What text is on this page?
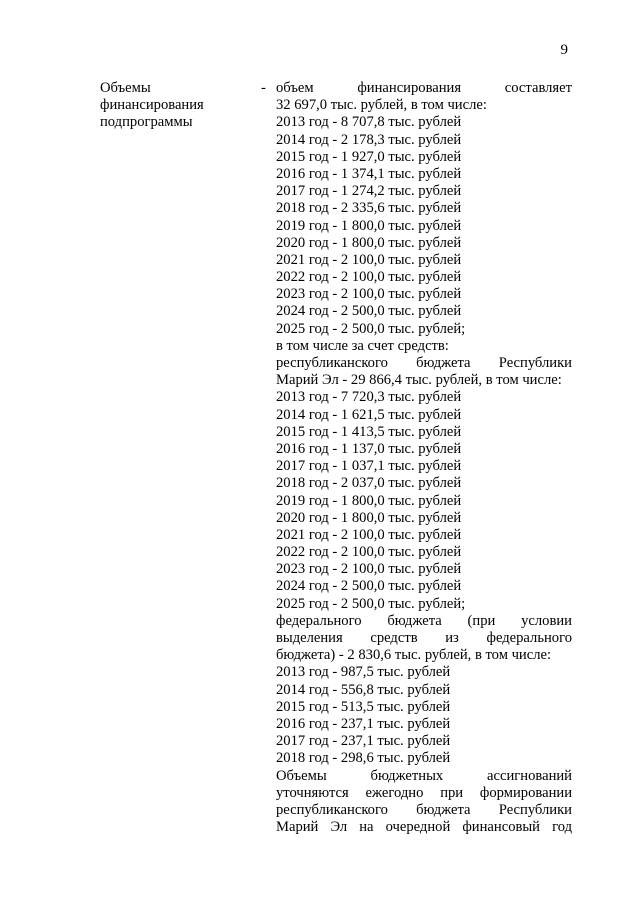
9
Объемы
финансирования
подпрограммы
- объем финансирования составляет
32 697,0 тыс. рублей, в том числе:
2013 год - 8 707,8 тыс. рублей
2014 год - 2 178,3 тыс. рублей
2015 год - 1 927,0 тыс. рублей
2016 год - 1 374,1 тыс. рублей
2017 год - 1 274,2 тыс. рублей
2018 год - 2 335,6 тыс. рублей
2019 год - 1 800,0 тыс. рублей
2020 год - 1 800,0 тыс. рублей
2021 год - 2 100,0 тыс. рублей
2022 год - 2 100,0 тыс. рублей
2023 год - 2 100,0 тыс. рублей
2024 год - 2 500,0 тыс. рублей
2025 год - 2 500,0 тыс. рублей;
в том числе за счет средств:
республиканского бюджета Республики
Марий Эл - 29 866,4 тыс. рублей, в том числе:
2013 год - 7 720,3 тыс. рублей
2014 год - 1 621,5 тыс. рублей
2015 год - 1 413,5 тыс. рублей
2016 год - 1 137,0 тыс. рублей
2017 год - 1 037,1 тыс. рублей
2018 год - 2 037,0 тыс. рублей
2019 год - 1 800,0 тыс. рублей
2020 год - 1 800,0 тыс. рублей
2021 год - 2 100,0 тыс. рублей
2022 год - 2 100,0 тыс. рублей
2023 год - 2 100,0 тыс. рублей
2024 год - 2 500,0 тыс. рублей
2025 год - 2 500,0 тыс. рублей;
федерального бюджета (при условии
выделения средств из федерального
бюджета) - 2 830,6 тыс. рублей, в том числе:
2013 год - 987,5 тыс. рублей
2014 год - 556,8 тыс. рублей
2015 год - 513,5 тыс. рублей
2016 год - 237,1 тыс. рублей
2017 год - 237,1 тыс. рублей
2018 год - 298,6 тыс. рублей
Объемы бюджетных ассигнований
уточняются ежегодно при формировании
республиканского бюджета Республики
Марий Эл на очередной финансовый год
